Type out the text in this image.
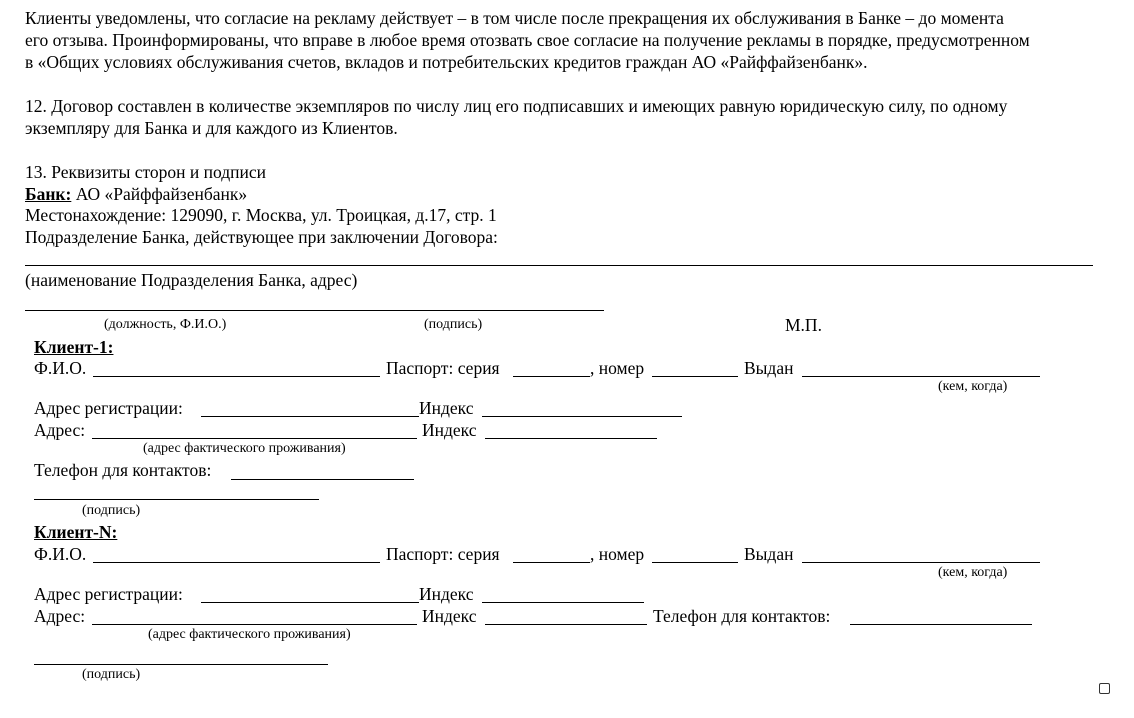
Клиенты уведомлены, что согласие на рекламу действует – в том числе после прекращения их обслуживания в Банке – до момента
его отзыва. Проинформированы, что вправе в любое время отозвать свое согласие на получение рекламы в порядке, предусмотренном
в «Общих условиях обслуживания счетов, вкладов и потребительских кредитов граждан АО «Райффайзенбанк».
12. Договор составлен в количестве экземпляров по числу лиц его подписавших и имеющих равную юридическую силу, по одному
экземпляру для Банка и для каждого из Клиентов.
13. Реквизиты сторон и подписи
Банк: АО «Райффайзенбанк»
Местонахождение: 129090, г. Москва, ул. Троицкая, д.17, стр. 1
Подразделение Банка, действующее при заключении Договора:
(наименование Подразделения Банка, адрес)
(должность, Ф.И.О.)	(подпись)	М.П.
Клиент-1:
Ф.И.О.	Паспорт: серия	, номер	Выдан
(кем, когда)
Адрес регистрации:	Индекс
Адрес:	Индекс
(адрес фактического проживания)
Телефон для контактов:
(подпись)
Клиент-N:
Ф.И.О.	Паспорт: серия	, номер	Выдан
(кем, когда)
Адрес регистрации:	Индекс
Адрес:	Индекс	Телефон для контактов:
(адрес фактического проживания)
(подпись)
